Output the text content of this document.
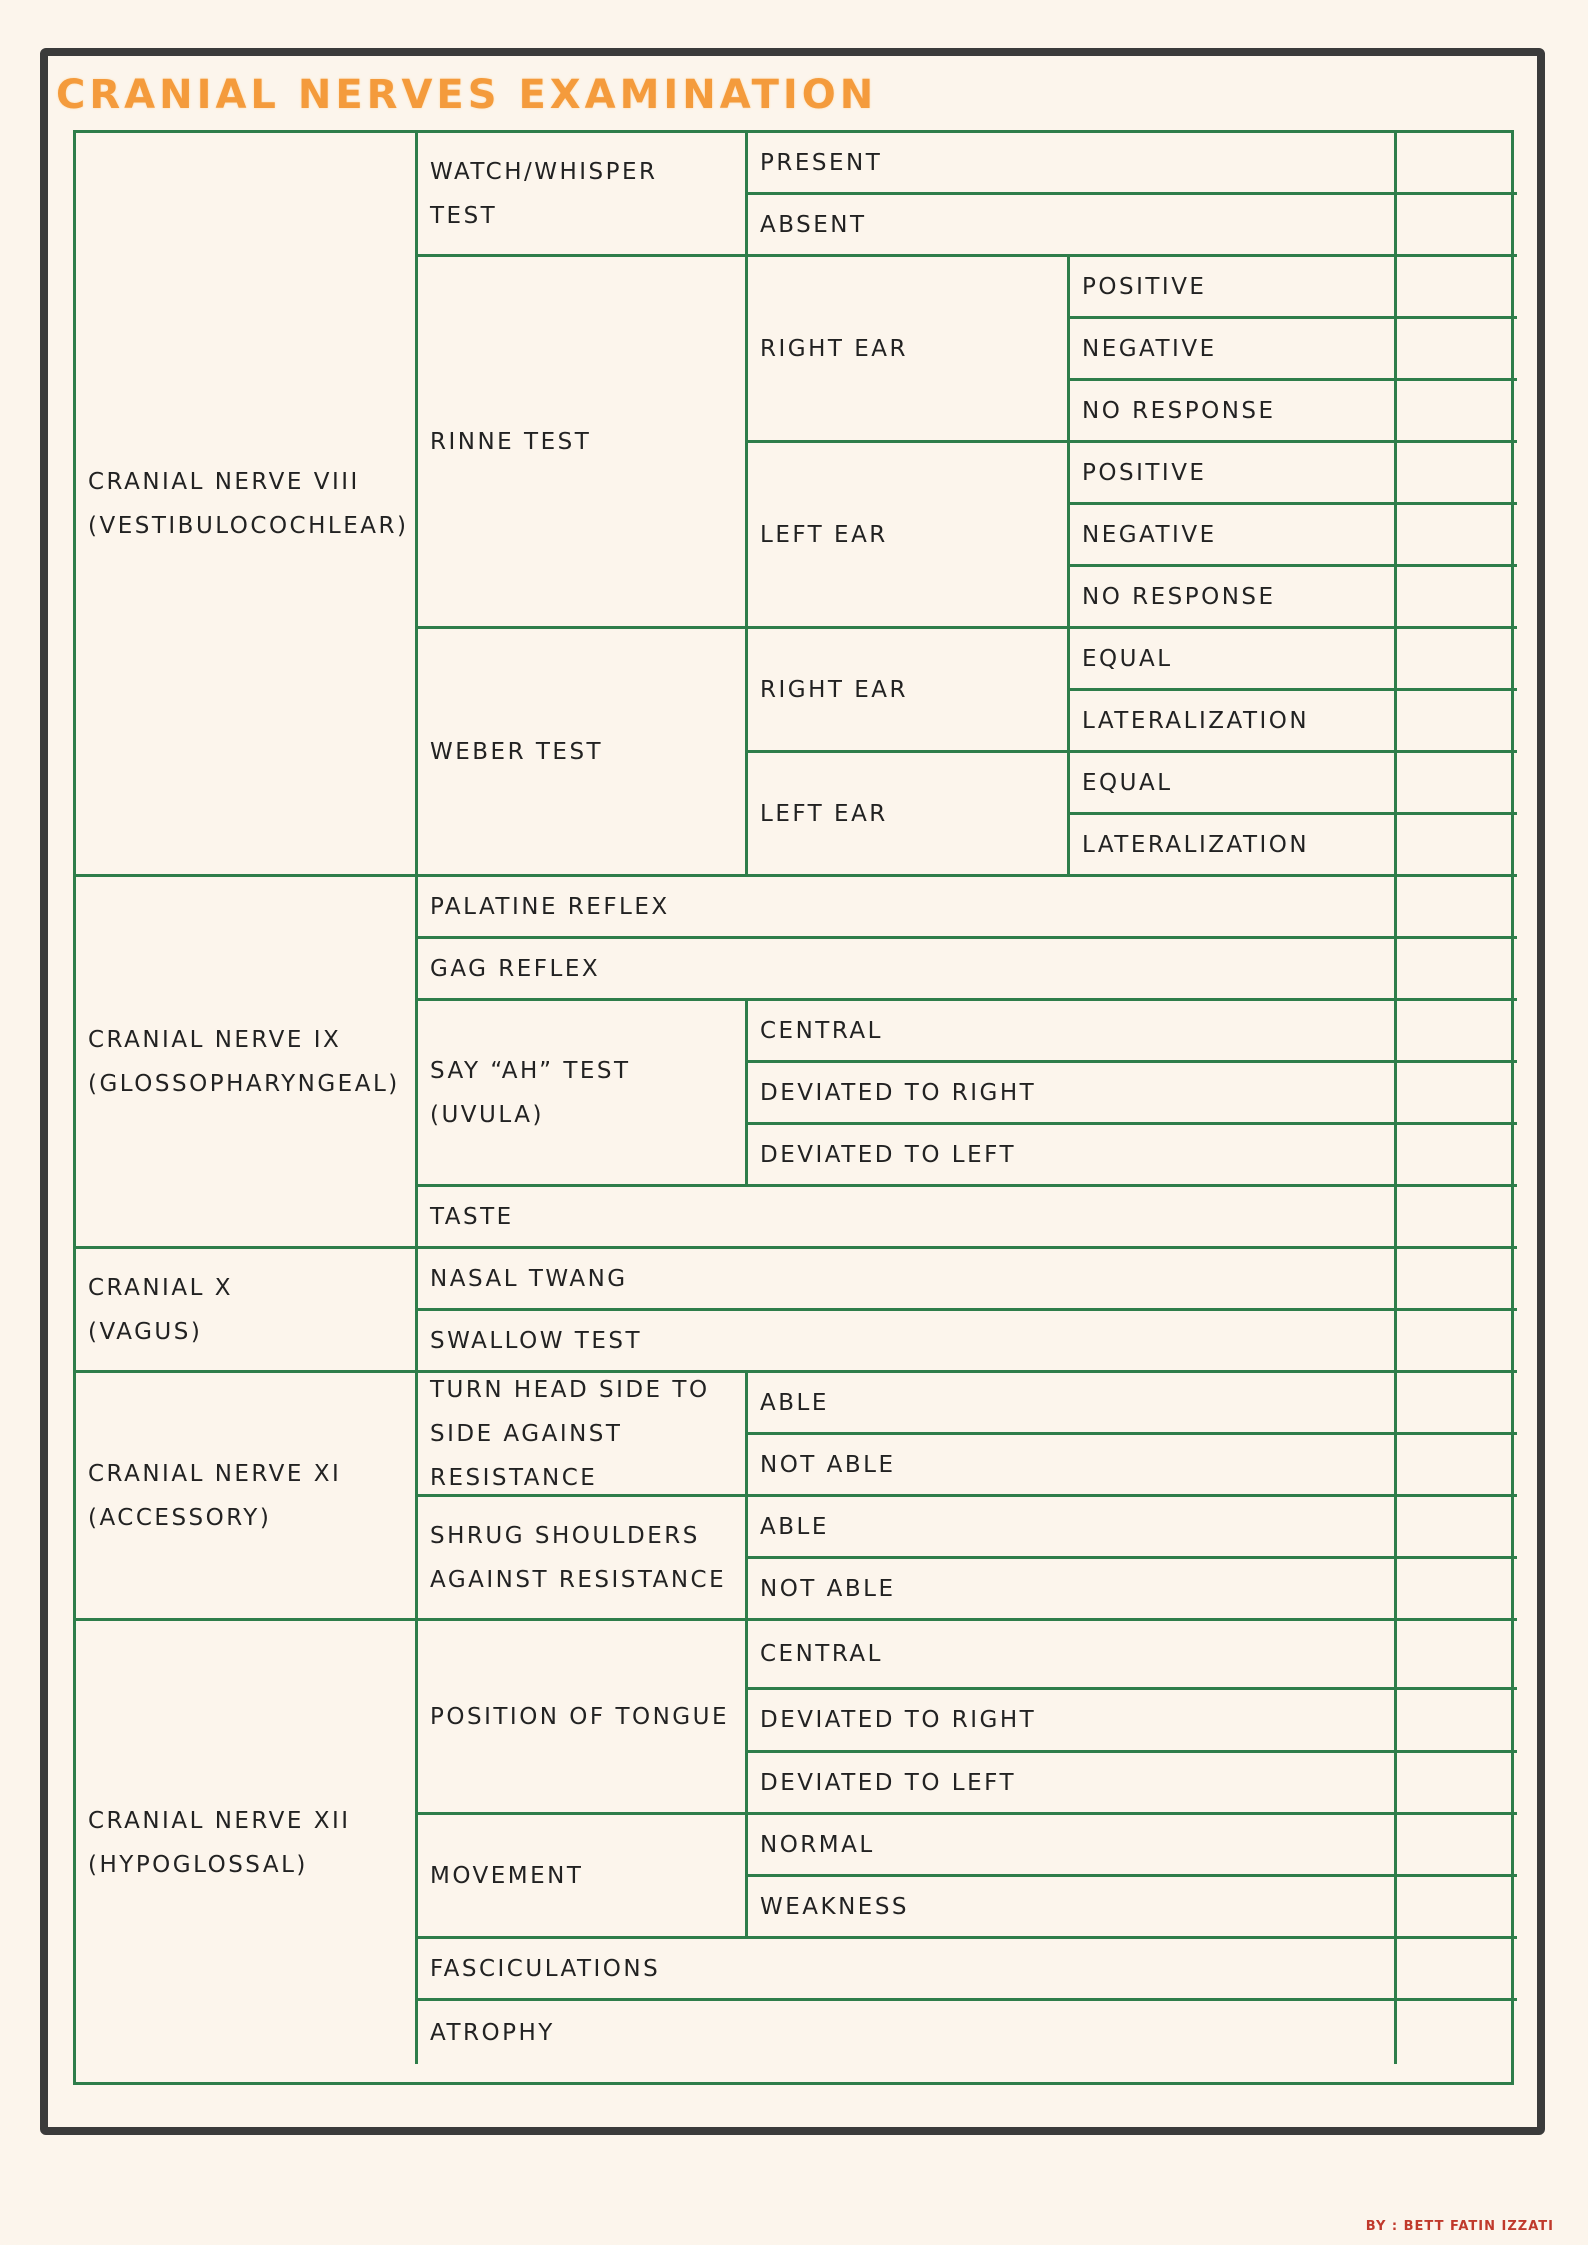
CRANIAL NERVES EXAMINATION
CRANIAL NERVE VIII
(VESTIBULOCOCHLEAR)
CRANIAL NERVE IX
(GLOSSOPHARYNGEAL)
CRANIAL X
(VAGUS)
CRANIAL NERVE XI
(ACCESSORY)
CRANIAL NERVE XII
(HYPOGLOSSAL)
WATCH/WHISPER
TEST
PRESENT
ABSENT
RINNE TEST
RIGHT EAR
POSITIVE
NEGATIVE
NO RESPONSE
LEFT EAR
POSITIVE
NEGATIVE
NO RESPONSE
WEBER TEST
RIGHT EAR
EQUAL
LATERALIZATION
LEFT EAR
EQUAL
LATERALIZATION
PALATINE REFLEX
GAG REFLEX
SAY “AH” TEST
(UVULA)
CENTRAL
DEVIATED TO RIGHT
DEVIATED TO LEFT
TASTE
NASAL TWANG
SWALLOW TEST
TURN HEAD SIDE TO
SIDE AGAINST
RESISTANCE
ABLE
NOT ABLE
SHRUG SHOULDERS
AGAINST RESISTANCE
ABLE
NOT ABLE
POSITION OF TONGUE
CENTRAL
DEVIATED TO RIGHT
DEVIATED TO LEFT
MOVEMENT
NORMAL
WEAKNESS
FASCICULATIONS
ATROPHY
BY : BETT FATIN IZZATI
